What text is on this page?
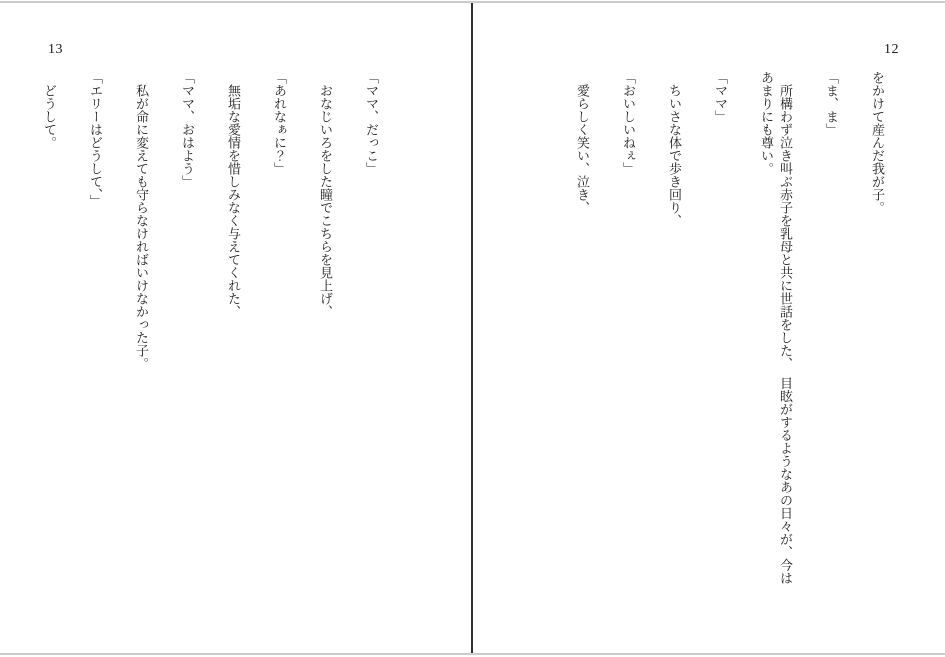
12

をかけて産んだ我が子。

「ま、ま」

所構わず泣き叫ぶ赤子を乳母と共に世話をした、　目眩がするようなあの日々が、今はあまりにも尊い。

「ママ」

ちいさな体で歩き回り、

「おいしいねぇ」

愛らしく笑い、泣き、

13

「ママ、だっこ」

おなじいろをした瞳でこちらを見上げ、

「あれなぁに？」

無垢な愛情を惜しみなく与えてくれた、

「ママ、おはよう」

私が命に変えても守らなければいけなかった子。

「エリーはどうして、」

どうして。
